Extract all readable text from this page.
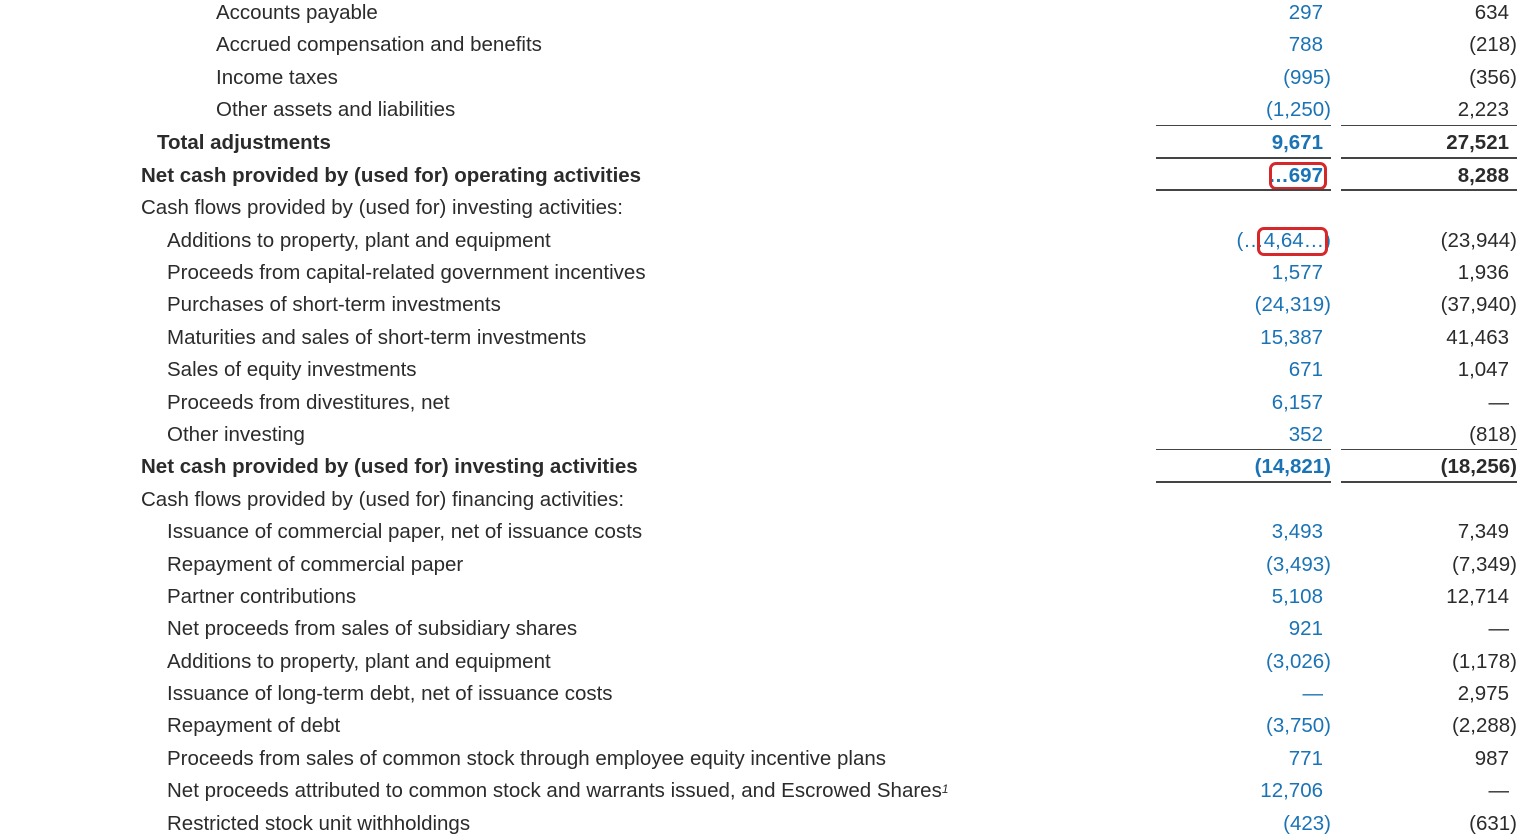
Accounts payable	297	634
Accrued compensation and benefits	788	(218)
Income taxes	(995)	(356)
Other assets and liabilities	(1,250)	2,223
Total adjustments	9,671	27,521
Net cash provided by (used for) operating activities	…697	8,288
Cash flows provided by (used for) investing activities:
Additions to property, plant and equipment	(…4,64…)	(23,944)
Proceeds from capital-related government incentives	1,577	1,936
Purchases of short-term investments	(24,319)	(37,940)
Maturities and sales of short-term investments	15,387	41,463
Sales of equity investments	671	1,047
Proceeds from divestitures, net	6,157	—
Other investing	352	(818)
Net cash provided by (used for) investing activities	(14,821)	(18,256)
Cash flows provided by (used for) financing activities:
Issuance of commercial paper, net of issuance costs	3,493	7,349
Repayment of commercial paper	(3,493)	(7,349)
Partner contributions	5,108	12,714
Net proceeds from sales of subsidiary shares	921	—
Additions to property, plant and equipment	(3,026)	(1,178)
Issuance of long-term debt, net of issuance costs	—	2,975
Repayment of debt	(3,750)	(2,288)
Proceeds from sales of common stock through employee equity incentive plans	771	987
Net proceeds attributed to common stock and warrants issued, and Escrowed Shares$^1$	12,706	—
Restricted stock unit withholdings	(423)	(631)
